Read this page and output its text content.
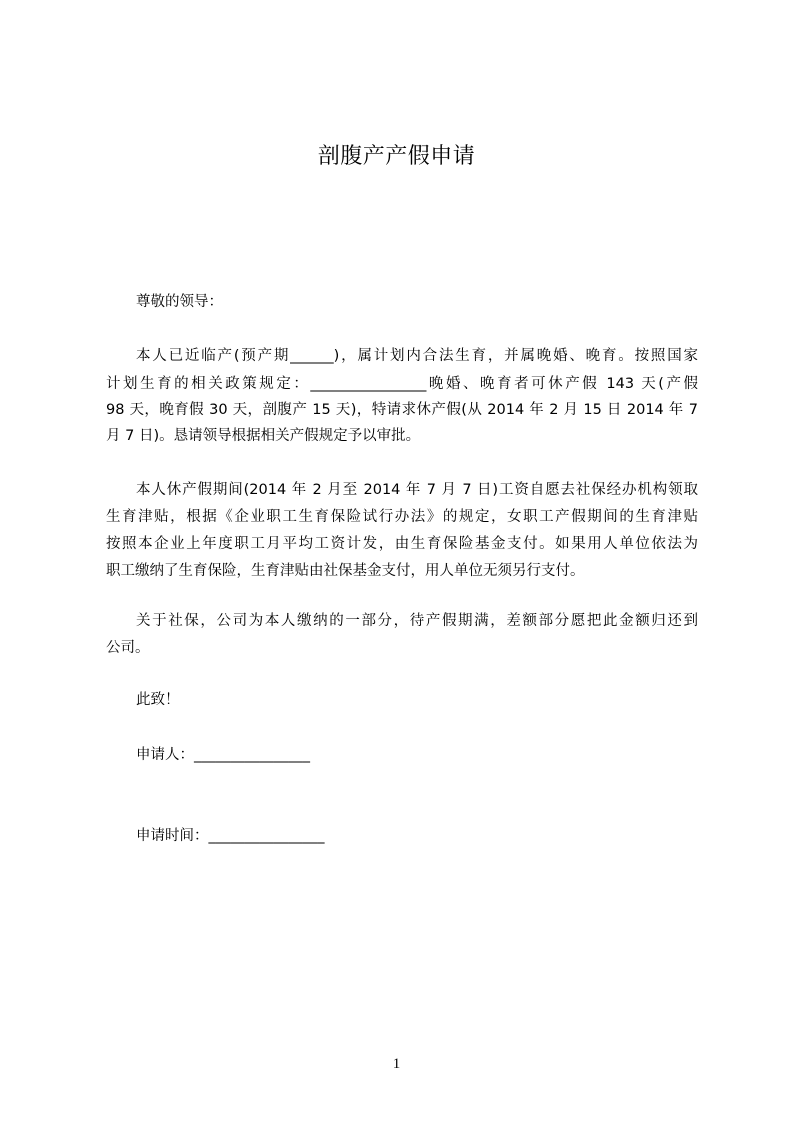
剖腹产产假申请
尊敬的领导：
本人已近临产(预产期______)，属计划内合法生育，并属晚婚、晚育。按照国家
计划生育的相关政策规定：________________晚婚、晚育者可休产假 143 天(产假
98 天，晚育假 30 天，剖腹产 15 天)，特请求休产假(从 2014 年 2 月 15 日 2014 年 7
月 7 日)。恳请领导根据相关产假规定予以审批。
本人休产假期间(2014 年 2 月至 2014 年 7 月 7 日)工资自愿去社保经办机构领取
生育津贴，根据《企业职工生育保险试行办法》的规定，女职工产假期间的生育津贴
按照本企业上年度职工月平均工资计发，由生育保险基金支付。如果用人单位依法为
职工缴纳了生育保险，生育津贴由社保基金支付，用人单位无须另行支付。
关于社保，公司为本人缴纳的一部分，待产假期满，差额部分愿把此金额归还到
公司。
此致！
申请人：________________
申请时间：________________
1
